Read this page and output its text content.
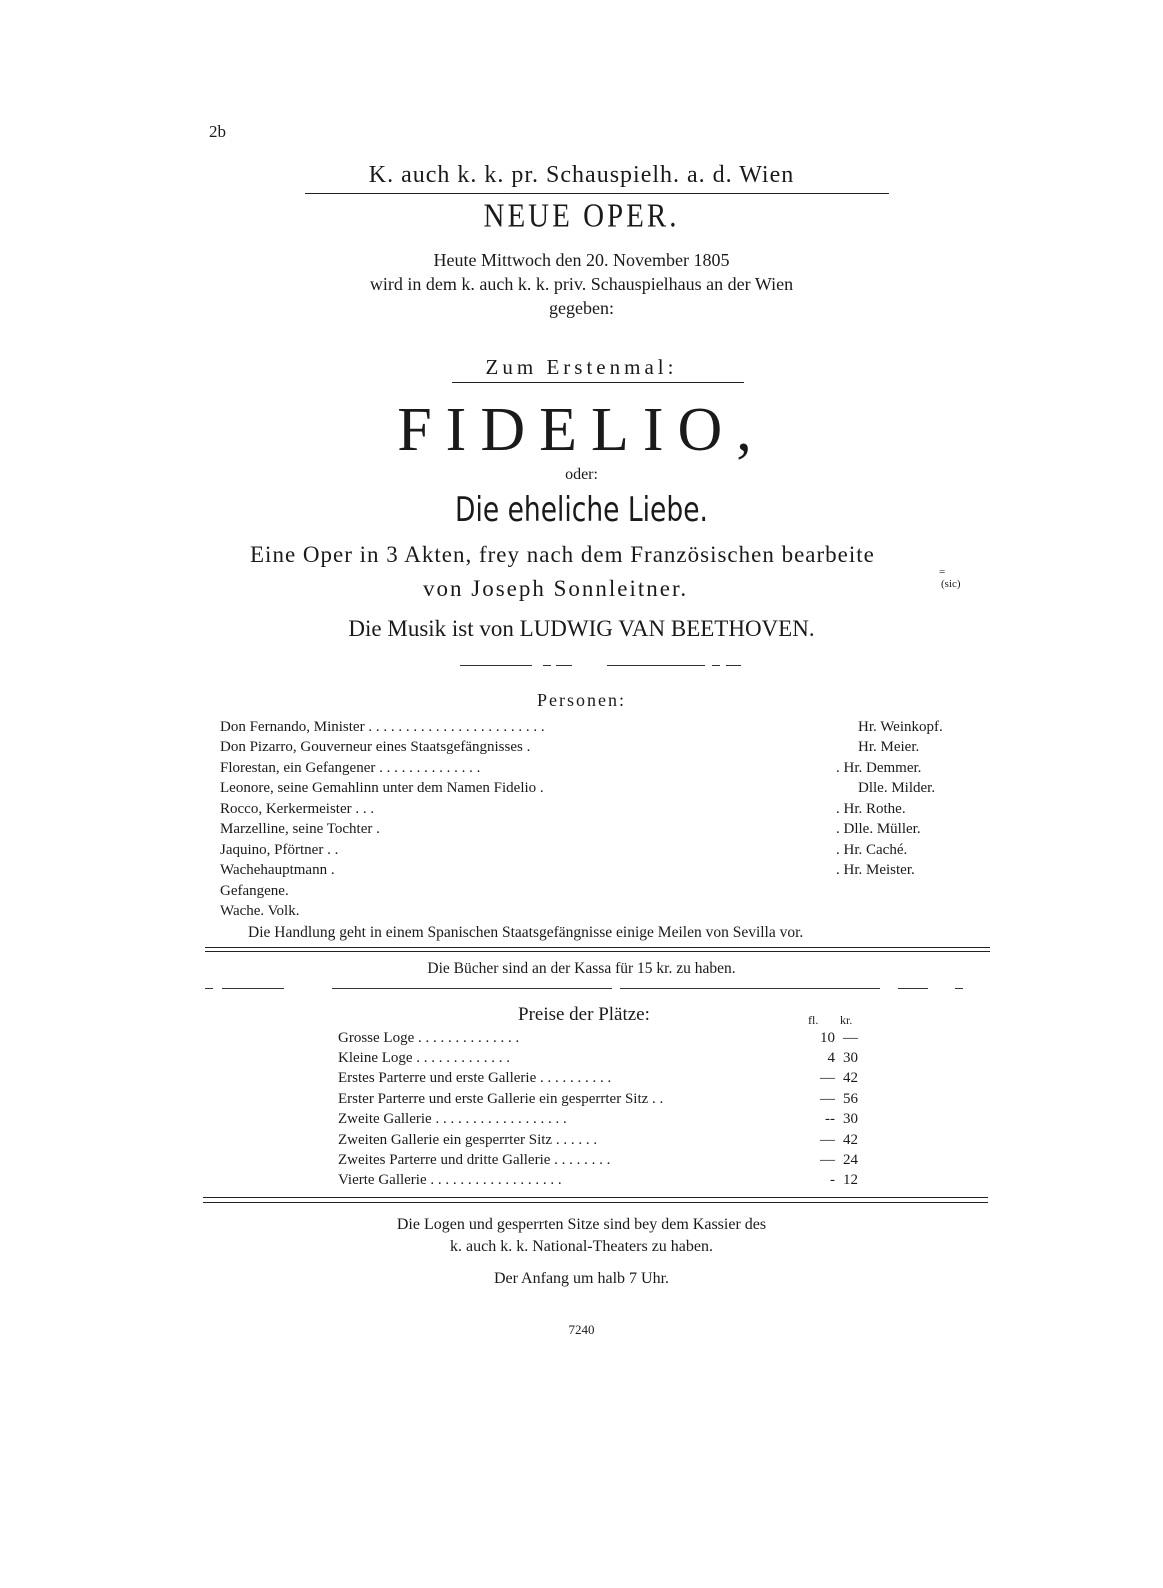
2b
K. auch k. k. pr. Schauspielh. a. d. Wien
NEUE OPER.
Heute Mittwoch den 20. November 1805
wird in dem k. auch k. k. priv. Schauspielhaus an der Wien
gegeben:
Zum Erstenmal:
FIDELIO,
oder:
Die eheliche Liebe.
Eine Oper in 3 Akten, frey nach dem Französischen bearbeite
von Joseph Sonnleitner.
=
(sic)
Die Musik ist von LUDWIG VAN BEETHOVEN.
Personen:
Don Fernando, Minister . . . . . . . . . . . . . . . . . . . . . . . .	Hr. Weinkopf.
Don Pizarro, Gouverneur eines Staatsgefängnisses .	Hr. Meier.
Florestan, ein Gefangener . . . . . . . . . . . . . .	. Hr. Demmer.
Leonore, seine Gemahlinn unter dem Namen Fidelio .	Dlle. Milder.
Rocco, Kerkermeister . . .	. Hr. Rothe.
Marzelline, seine Tochter .	. Dlle. Müller.
Jaquino, Pförtner . .	. Hr. Caché.
Wachehauptmann .	. Hr. Meister.
Gefangene.
Wache. Volk.
Die Handlung geht in einem Spanischen Staatsgefängnisse einige Meilen von Sevilla vor.
Die Bücher sind an der Kassa für 15 kr. zu haben.
Preise der Plätze:	fl. kr.
Grosse Loge . . . . . . . . . . . . . .	10 —
Kleine Loge . . . . . . . . . . . . .	4 30
Erstes Parterre und erste Gallerie . . . . . . . . . .	— 42
Erster Parterre und erste Gallerie ein gesperrter Sitz . .	— 56
Zweite Gallerie . . . . . . . . . . . . . . . . . .	-- 30
Zweiten Gallerie ein gesperrter Sitz . . . . . .	— 42
Zweites Parterre und dritte Gallerie . . . . . . . .	— 24
Vierte Gallerie . . . . . . . . . . . . . . . . . .	- 12
Die Logen und gesperrten Sitze sind bey dem Kassier des
k. auch k. k. National-Theaters zu haben.
Der Anfang um halb 7 Uhr.
7240
